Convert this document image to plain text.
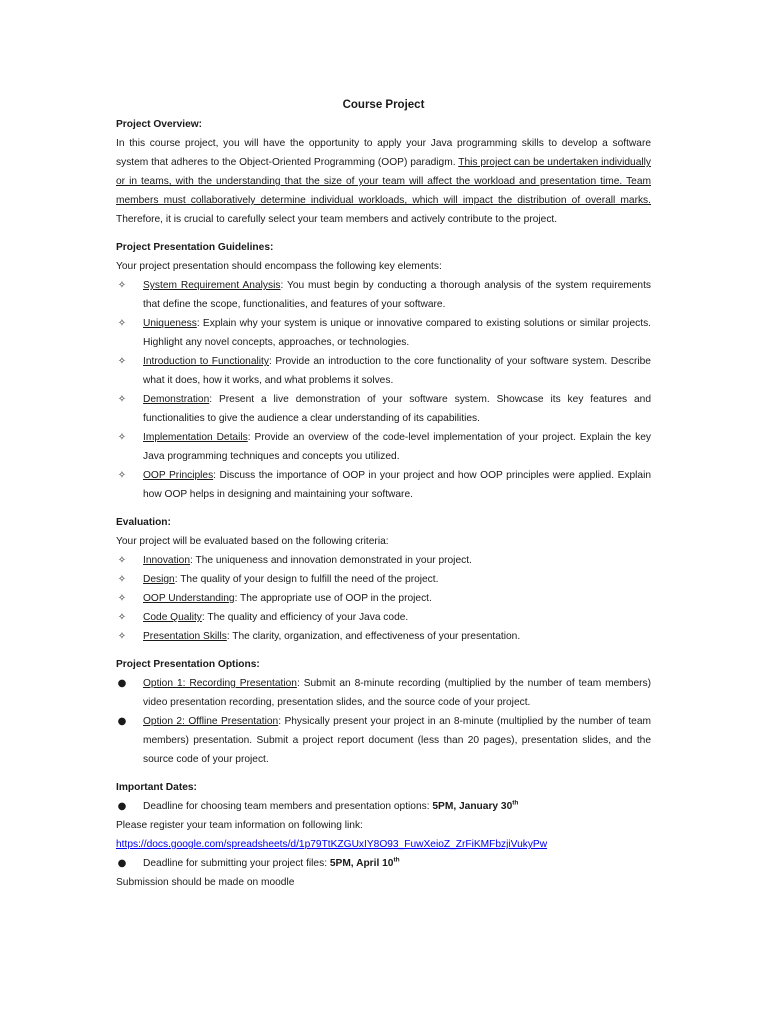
Course Project
Project Overview:
In this course project, you will have the opportunity to apply your Java programming skills to develop a software system that adheres to the Object-Oriented Programming (OOP) paradigm. This project can be undertaken individually or in teams, with the understanding that the size of your team will affect the workload and presentation time. Team members must collaboratively determine individual workloads, which will impact the distribution of overall marks. Therefore, it is crucial to carefully select your team members and actively contribute to the project.
Project Presentation Guidelines:
Your project presentation should encompass the following key elements:
✧ System Requirement Analysis: You must begin by conducting a thorough analysis of the system requirements that define the scope, functionalities, and features of your software.
✧ Uniqueness: Explain why your system is unique or innovative compared to existing solutions or similar projects. Highlight any novel concepts, approaches, or technologies.
✧ Introduction to Functionality: Provide an introduction to the core functionality of your software system. Describe what it does, how it works, and what problems it solves.
✧ Demonstration: Present a live demonstration of your software system. Showcase its key features and functionalities to give the audience a clear understanding of its capabilities.
✧ Implementation Details: Provide an overview of the code-level implementation of your project. Explain the key Java programming techniques and concepts you utilized.
✧ OOP Principles: Discuss the importance of OOP in your project and how OOP principles were applied. Explain how OOP helps in designing and maintaining your software.
Evaluation:
Your project will be evaluated based on the following criteria:
✧ Innovation: The uniqueness and innovation demonstrated in your project.
✧ Design: The quality of your design to fulfill the need of the project.
✧ OOP Understanding: The appropriate use of OOP in the project.
✧ Code Quality: The quality and efficiency of your Java code.
✧ Presentation Skills: The clarity, organization, and effectiveness of your presentation.
Project Presentation Options:
● Option 1: Recording Presentation: Submit an 8-minute recording (multiplied by the number of team members) video presentation recording, presentation slides, and the source code of your project.
● Option 2: Offline Presentation: Physically present your project in an 8-minute (multiplied by the number of team members) presentation. Submit a project report document (less than 20 pages), presentation slides, and the source code of your project.
Important Dates:
● Deadline for choosing team members and presentation options: 5PM, January 30th
Please register your team information on following link:
https://docs.google.com/spreadsheets/d/1p79TtKZGUxIY8O93_FuwXeioZ_ZrFiKMFbzjiVukyPw
● Deadline for submitting your project files: 5PM, April 10th
Submission should be made on moodle
